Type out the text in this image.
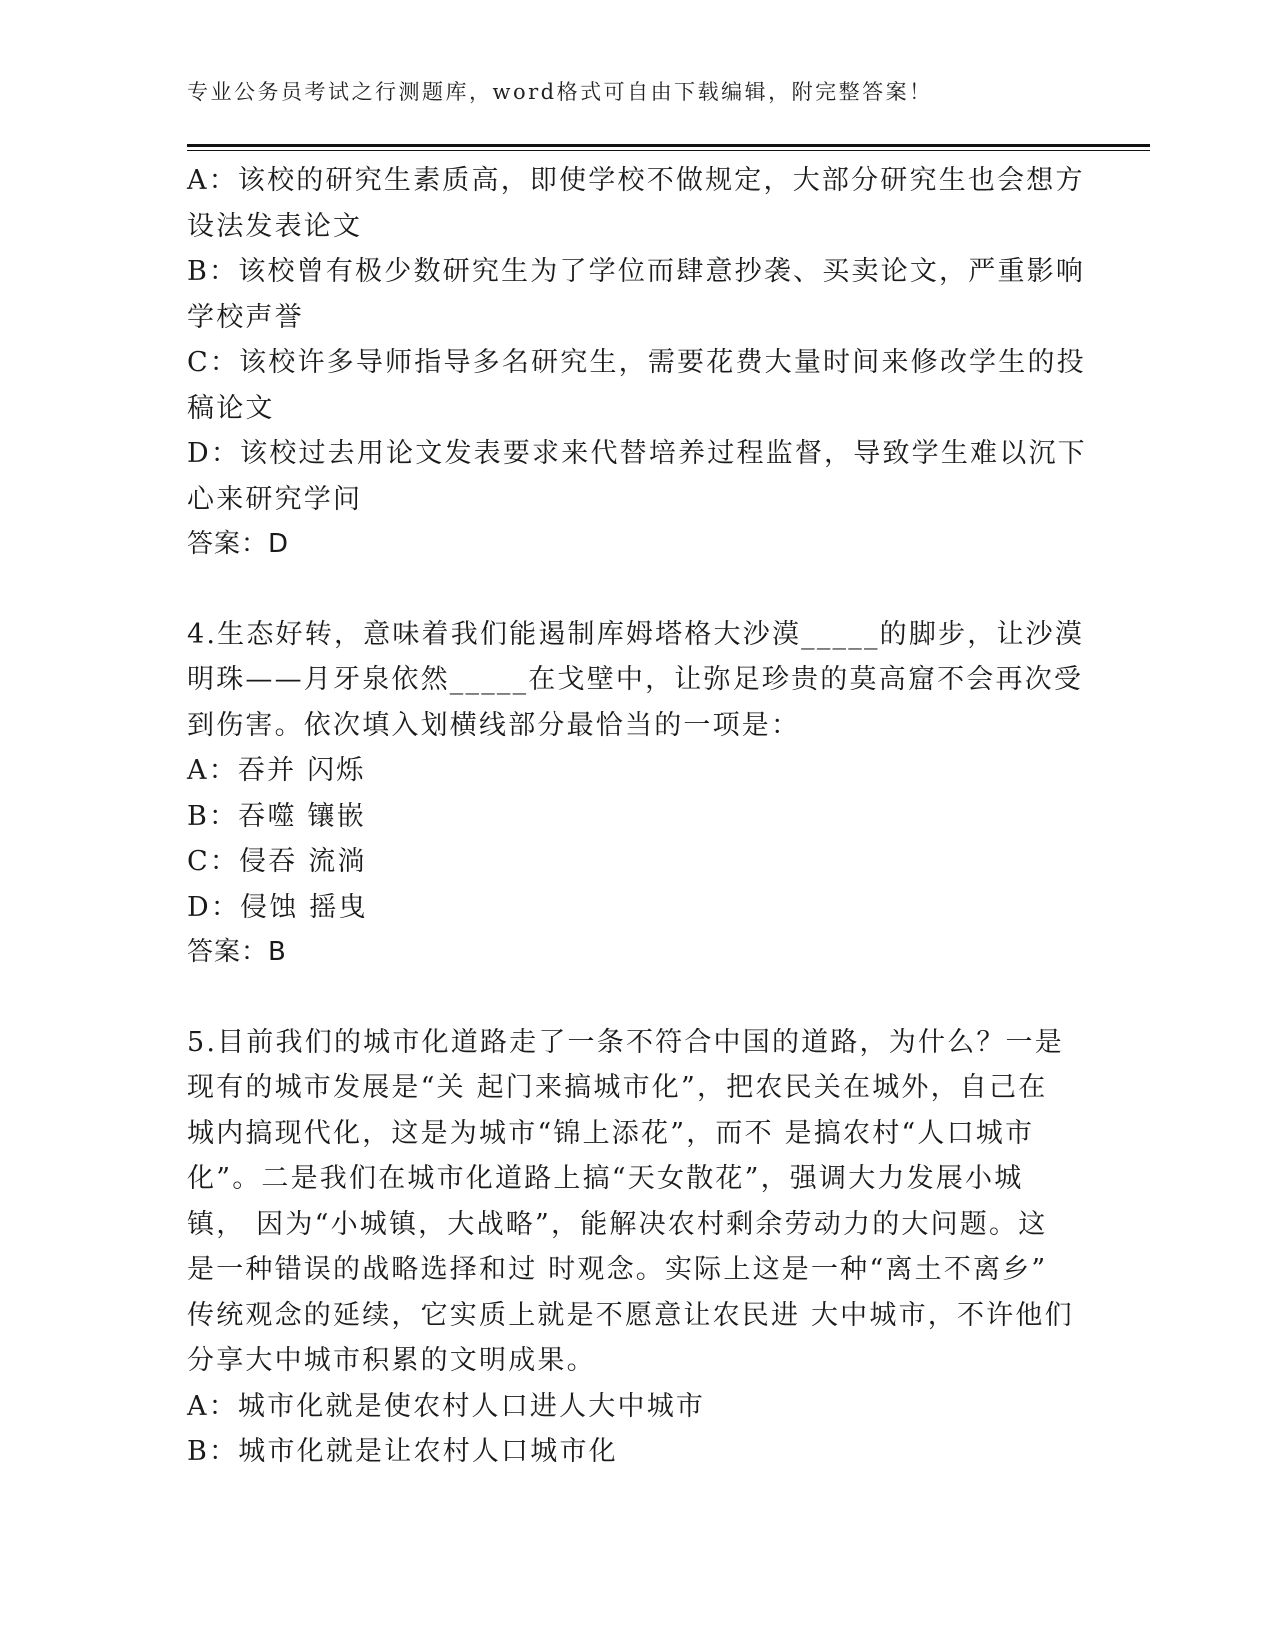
专业公务员考试之行测题库，word格式可自由下载编辑，附完整答案！
A：该校的研究生素质高，即使学校不做规定，大部分研究生也会想方
设法发表论文
B：该校曾有极少数研究生为了学位而肆意抄袭、买卖论文，严重影响
学校声誉
C：该校许多导师指导多名研究生，需要花费大量时间来修改学生的投
稿论文
D：该校过去用论文发表要求来代替培养过程监督，导致学生难以沉下
心来研究学问
答案：D
4.生态好转，意味着我们能遏制库姆塔格大沙漠_____的脚步，让沙漠
明珠——月牙泉依然_____在戈壁中，让弥足珍贵的莫高窟不会再次受
到伤害。依次填入划横线部分最恰当的一项是：
A：吞并 闪烁
B：吞噬 镶嵌
C：侵吞 流淌
D：侵蚀 摇曳
答案：B
5.目前我们的城市化道路走了一条不符合中国的道路，为什么？一是
现有的城市发展是“关 起门来搞城市化”，把农民关在城外，自己在
城内搞现代化，这是为城市“锦上添花”，而不 是搞农村“人口城市
化”。二是我们在城市化道路上搞“天女散花”，强调大力发展小城
镇， 因为“小城镇，大战略”，能解决农村剩余劳动力的大问题。这
是一种错误的战略选择和过 时观念。实际上这是一种“离土不离乡”
传统观念的延续，它实质上就是不愿意让农民进 大中城市，不许他们
分享大中城市积累的文明成果。
A：城市化就是使农村人口进人大中城市
B：城市化就是让农村人口城市化
